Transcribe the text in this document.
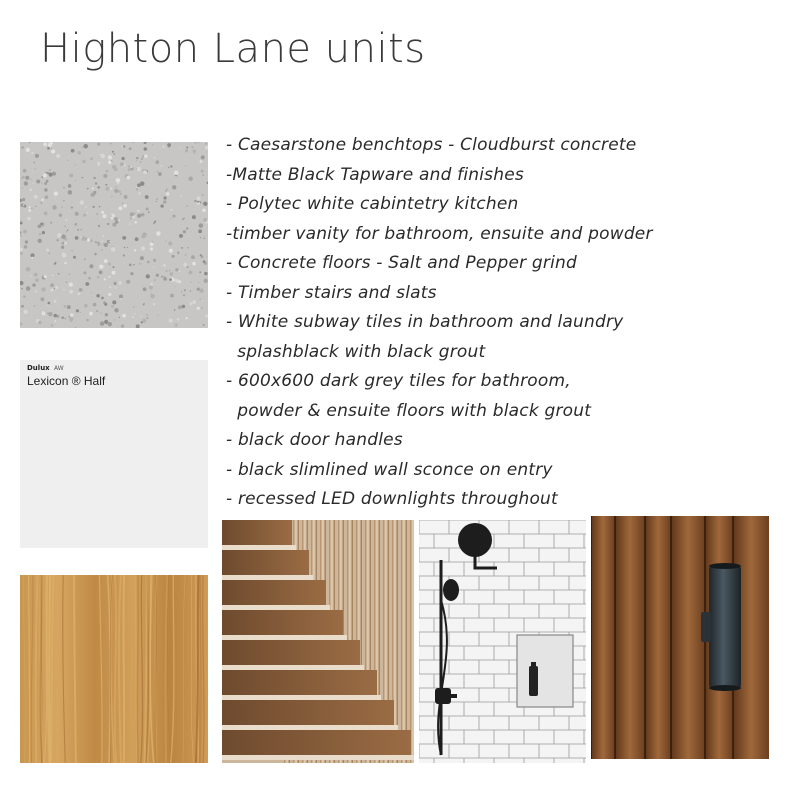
Highton Lane units
- Caesarstone benchtops - Cloudburst concrete
-Matte Black Tapware and finishes
- Polytec white cabintetry kitchen
-timber vanity for bathroom, ensuite and powder
- Concrete floors - Salt and Pepper grind
- Timber stairs and slats
- White subway tiles in bathroom and laundry
splashblack with black grout
- 600x600 dark grey tiles for bathroom,
powder & ensuite floors with black grout
- black door handles
- black slimlined wall sconce on entry
- recessed LED downlights throughout
Dulux AW
Lexicon ® Half
